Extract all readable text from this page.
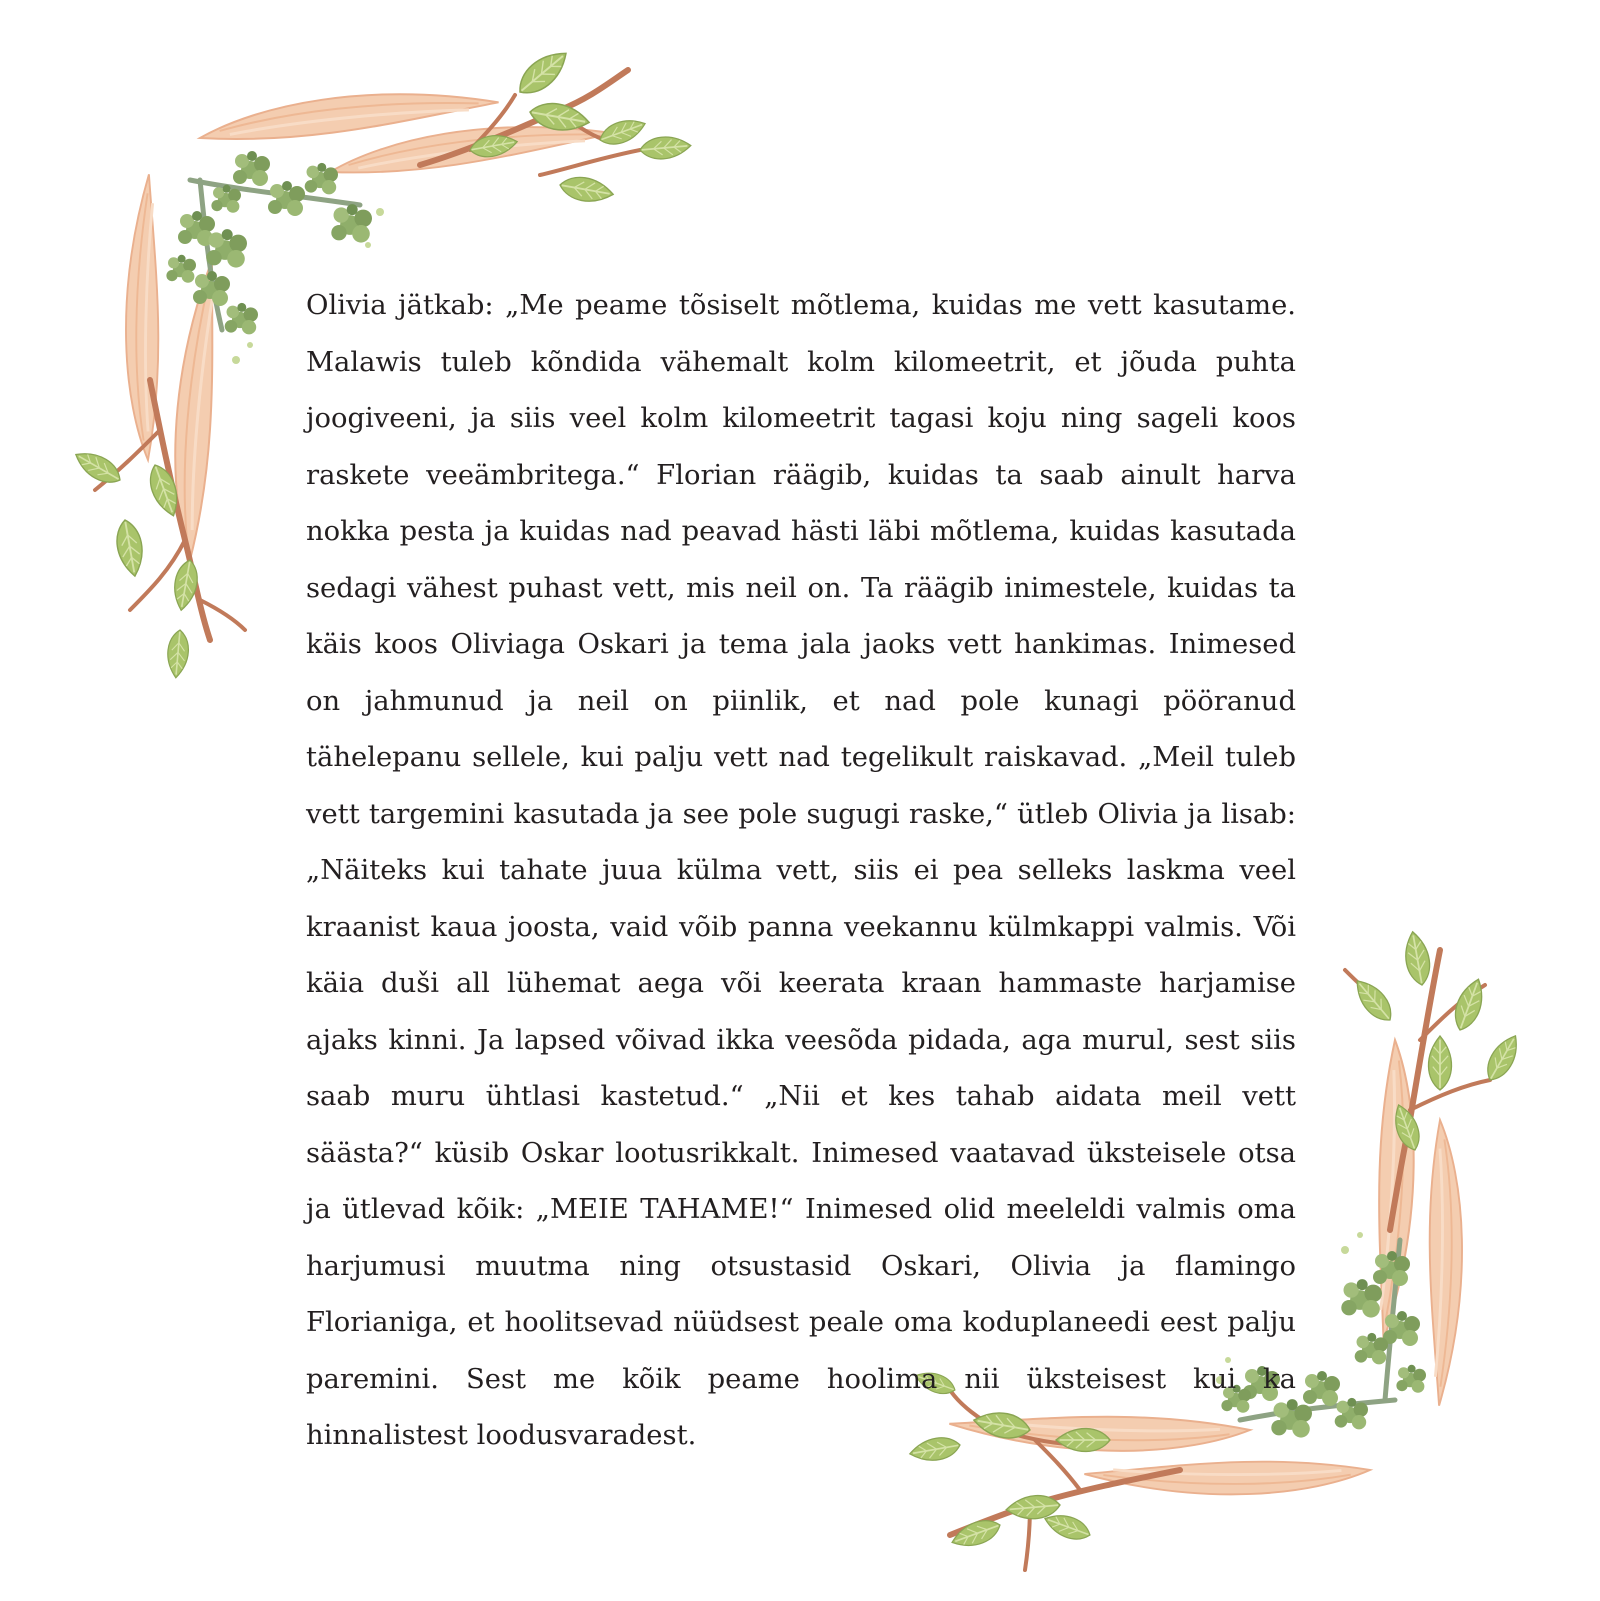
Olivia jätkab: „Me peame tõsiselt mõtlema, kuidas me vett kasutame. Malawis tuleb kõndida vähemalt kolm kilomeetrit, et jõuda puhta joogiveeni, ja siis veel kolm kilomeetrit tagasi koju ning sageli koos raskete veeämbritega.“ Florian räägib, kuidas ta saab ainult harva nokka pesta ja kuidas nad peavad hästi läbi mõtlema, kuidas kasutada sedagi vähest puhast vett, mis neil on. Ta räägib inimestele, kuidas ta käis koos Oliviaga Oskari ja tema jala jaoks vett hankimas. Inimesed on jahmunud ja neil on piinlik, et nad pole kunagi pööranud tähelepanu sellele, kui palju vett nad tegelikult raiskavad. „Meil tuleb vett targemini kasutada ja see pole sugugi raske,“ ütleb Olivia ja lisab: „Näiteks kui tahate juua külma vett, siis ei pea selleks laskma veel kraanist kaua joosta, vaid võib panna veekannu külmkappi valmis. Või käia duši all lühemat aega või keerata kraan hammaste harjamise ajaks kinni. Ja lapsed võivad ikka veesõda pidada, aga murul, sest siis saab muru ühtlasi kastetud.“ „Nii et kes tahab aidata meil vett säästa?“ küsib Oskar lootusrikkalt. Inimesed vaatavad üksteisele otsa ja ütlevad kõik: „MEIE TAHAME!“ Inimesed olid meeleldi valmis oma harjumusi muutma ning otsustasid Oskari, Olivia ja flamingo Florianiga, et hoolitsevad nüüdsest peale oma koduplaneedi eest palju paremini. Sest me kõik peame hoolima nii üksteisest kui ka hinnalistest loodusvaradest.
